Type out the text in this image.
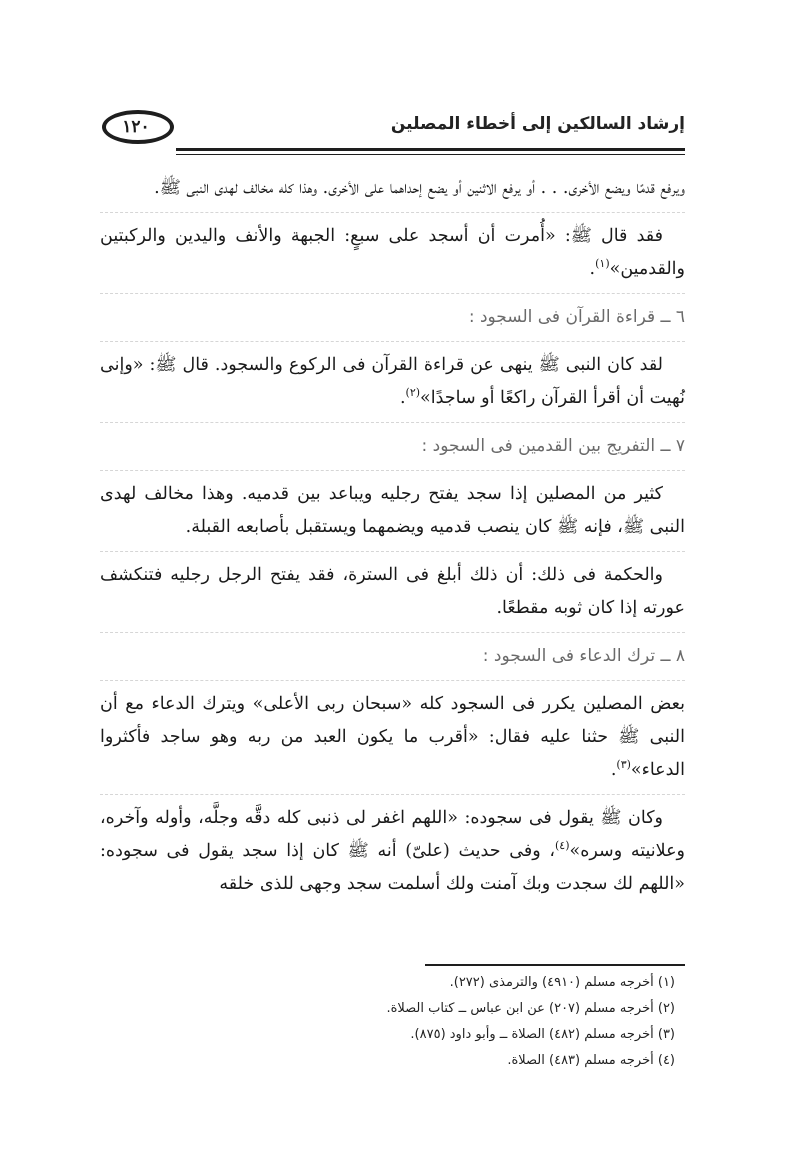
١٢٠	إرشاد السالكين إلى أخطاء المصلين

ويرفع قدمًا ويضع الأخرى. . . أو يرفع الاثنين أو يضع إحداهما على الأخرى. وهذا كله مخالف لهدى النبى ﷺ.

فقد قال ﷺ: «أُمرت أن أسجد على سبعٍ: الجبهة والأنف واليدين والركبتين والقدمين»$^{(١)}$.

٦ ــ قراءة القرآن فى السجود :

لقد كان النبى ﷺ ينهى عن قراءة القرآن فى الركوع والسجود. قال ﷺ: «وإنى نُهيت أن أقرأ القرآن راكعًا أو ساجدًا»$^{(٢)}$.

٧ ــ التفريج بين القدمين فى السجود :

كثير من المصلين إذا سجد يفتح رجليه ويباعد بين قدميه. وهذا مخالف لهدى النبى ﷺ، فإنه ﷺ كان ينصب قدميه ويضمهما ويستقبل بأصابعه القبلة.

والحكمة فى ذلك: أن ذلك أبلغ فى السترة، فقد يفتح الرجل رجليه فتنكشف عورته إذا كان ثوبه مقطعًا.

٨ ــ ترك الدعاء فى السجود :

بعض المصلين يكرر فى السجود كله «سبحان ربى الأعلى» ويترك الدعاء مع أن النبى ﷺ حثنا عليه فقال: «أقرب ما يكون العبد من ربه وهو ساجد فأكثروا الدعاء»$^{(٣)}$.

وكان ﷺ يقول فى سجوده: «اللهم اغفر لى ذنبى كله دقَّه وجلَّه، وأوله وآخره، وعلانيته وسره»$^{(٤)}$، وفى حديث (علىّ) أنه ﷺ كان إذا سجد يقول فى سجوده: «اللهم لك سجدت وبك آمنت ولك أسلمت سجد وجهى للذى خلقه

(١) أخرجه مسلم (٤٩١٠) والترمذى (٢٧٢).
(٢) أخرجه مسلم (٢٠٧) عن ابن عباس ــ كتاب الصلاة.
(٣) أخرجه مسلم (٤٨٢) الصلاة ــ وأبو داود (٨٧٥).
(٤) أخرجه مسلم (٤٨٣) الصلاة.
